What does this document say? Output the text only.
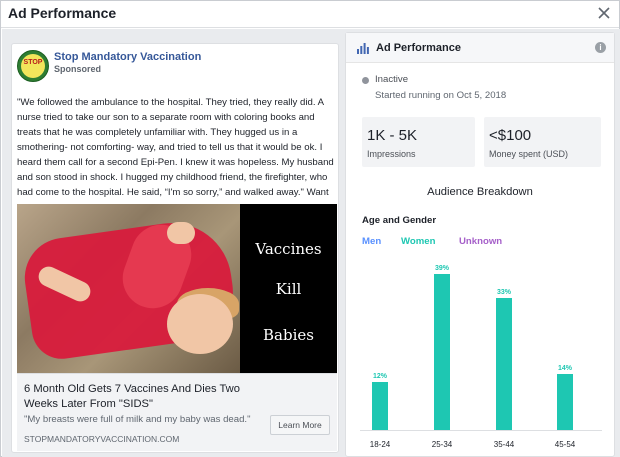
Ad Performance
STOP	Stop Mandatory Vaccination
Sponsored
"We followed the ambulance to the hospital. They tried, they really did. A nurse tried to take our son to a separate room with coloring books and treats that he was completely unfamiliar with. They hugged us in a smothering- not comforting- way, and tried to tell us that it would be ok. I heard them call for a second Epi-Pen. I knew it was hopeless. My husband and son stood in shock. I hugged my childhood friend, the firefighter, who had come to the hospital. He said, “I'm so sorry,” and walked away." Want
Vaccines
Kill
Babies
6 Month Old Gets 7 Vaccines And Dies Two Weeks Later From "SIDS"
"My breasts were full of milk and my baby was dead."
STOPMANDATORYVACCINATION.COM
Learn More
Ad Performance	i
Inactive
Started running on Oct 5, 2018
1K - 5K
Impressions
<$100
Money spent (USD)
Audience Breakdown
Age and Gender
Men Women Unknown
12%
18-24
39%
25-34
33%
35-44
14%
45-54
